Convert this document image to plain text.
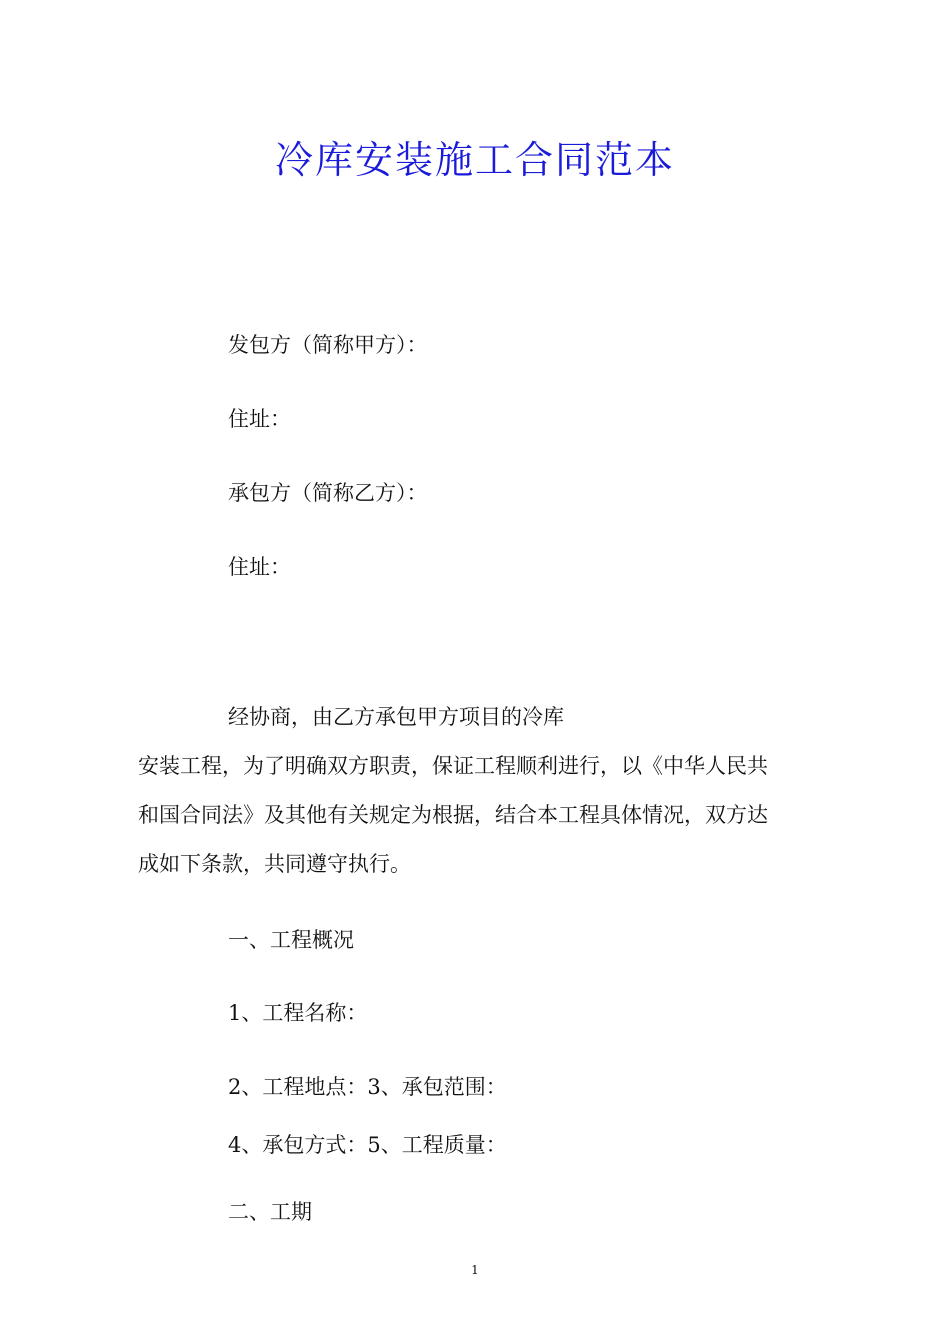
冷库安装施工合同范本
发包方（简称甲方）：
住址：
承包方（简称乙方）：
住址：
经协商，由乙方承包甲方项目的冷库
安装工程，为了明确双方职责，保证工程顺利进行，以《中华人民共
和国合同法》及其他有关规定为根据，结合本工程具体情况，双方达
成如下条款，共同遵守执行。
一、工程概况
1、工程名称：
2、工程地点：3、承包范围：
4、承包方式：5、工程质量：
二、工期
1
